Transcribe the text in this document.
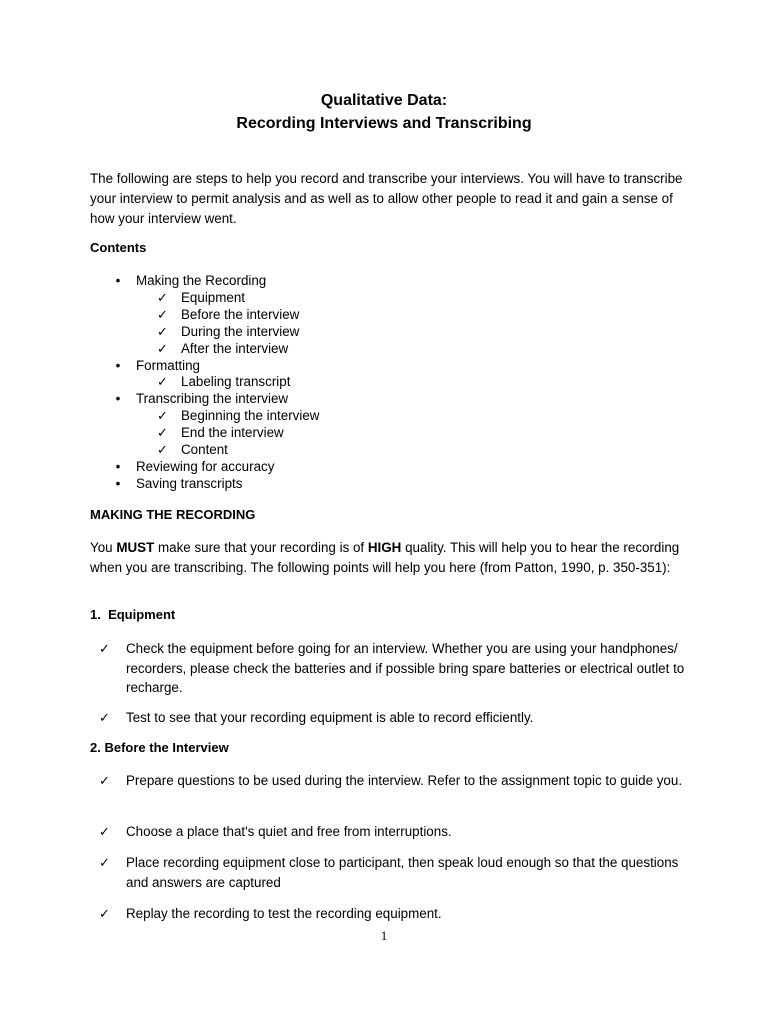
Qualitative Data:
Recording Interviews and Transcribing
The following are steps to help you record and transcribe your interviews. You will have to transcribe your interview to permit analysis and as well as to allow other people to read it and gain a sense of how your interview went.
Contents
• Making the Recording
✓ Equipment
✓ Before the interview
✓ During the interview
✓ After the interview
• Formatting
✓ Labeling transcript
• Transcribing the interview
✓ Beginning the interview
✓ End the interview
✓ Content
• Reviewing for accuracy
• Saving transcripts
MAKING THE RECORDING
You MUST make sure that your recording is of HIGH quality. This will help you to hear the recording when you are transcribing. The following points will help you here (from Patton, 1990, p. 350-351):
1.  Equipment
✓ Check the equipment before going for an interview. Whether you are using your handphones/ recorders, please check the batteries and if possible bring spare batteries or electrical outlet to recharge.
✓ Test to see that your recording equipment is able to record efficiently.
2. Before the Interview
✓ Prepare questions to be used during the interview. Refer to the assignment topic to guide you.
✓ Choose a place that's quiet and free from interruptions.
✓ Place recording equipment close to participant, then speak loud enough so that the questions and answers are captured
✓ Replay the recording to test the recording equipment.
1
